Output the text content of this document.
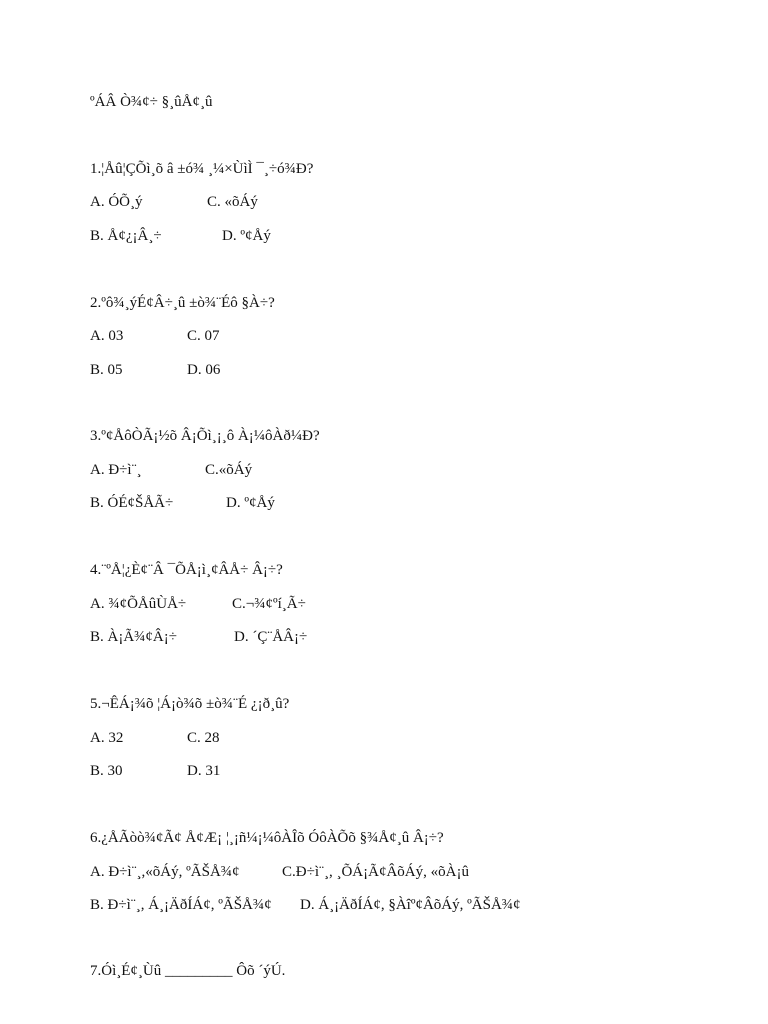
ºÁÂ Ò¾¢÷ §¸ûÅ¢¸û
1.¦Åû¦ÇÕì¸õ â ±ó¾ ¸¼×ÙìÌ ¯¸÷ó¾Ð?
A. ÓÕ¸ý	C. «õÁý
B. Å¢¿¡Â¸÷	D. º¢Åý
2.ºô¾¸ýÉ¢Â÷¸û ±ò¾¨Éô §À÷?
A. 03	C. 07
B. 05	D. 06
3.º¢ÅôÒÃ¡½õ Â¡Õì¸¡¸ô À¡¼ôÀð¼Ð?
A. Ð÷ì¨¸	C.«õÁý
B. ÓÉ¢ŠÅÃ÷	D. º¢Åý
4.¨ºÅ¦¿È¢¨Â ¯ÕÅ¡ì¸¢ÂÅ÷ Â¡÷?
A. ¾¢ÕÅûÙÅ÷	C.¬¾¢ºí¸Ã÷
B. À¡Ã¾¢Â¡÷	D. ´Ç¨ÅÂ¡÷
5.¬ÊÁ¡¾õ ¦Á¡ò¾õ ±ò¾¨É ¿¡ð¸û?
A. 32	C. 28
B. 30	D. 31
6.¿ÅÃòò¾¢Ã¢ Å¢Æ¡ ¦¸¡ñ¼¡¼ôÀÎõ ÓôÀÕõ §¾Å¢¸û Â¡÷?
A. Ð÷ì¨¸,«õÁý, ºÃŠÅ¾¢	C.Ð÷ì¨¸, ¸ÕÁ¡Ã¢ÂõÁý, «õÀ¡û
B. Ð÷ì¨¸, Á¸¡ÄðÍÁ¢, ºÃŠÅ¾¢ D. Á¸¡ÄðÍÁ¢, §Àîº¢ÂõÁý, ºÃŠÅ¾¢
7.Óì¸É¢¸Ùû _________ Ôõ ´ýÚ.
